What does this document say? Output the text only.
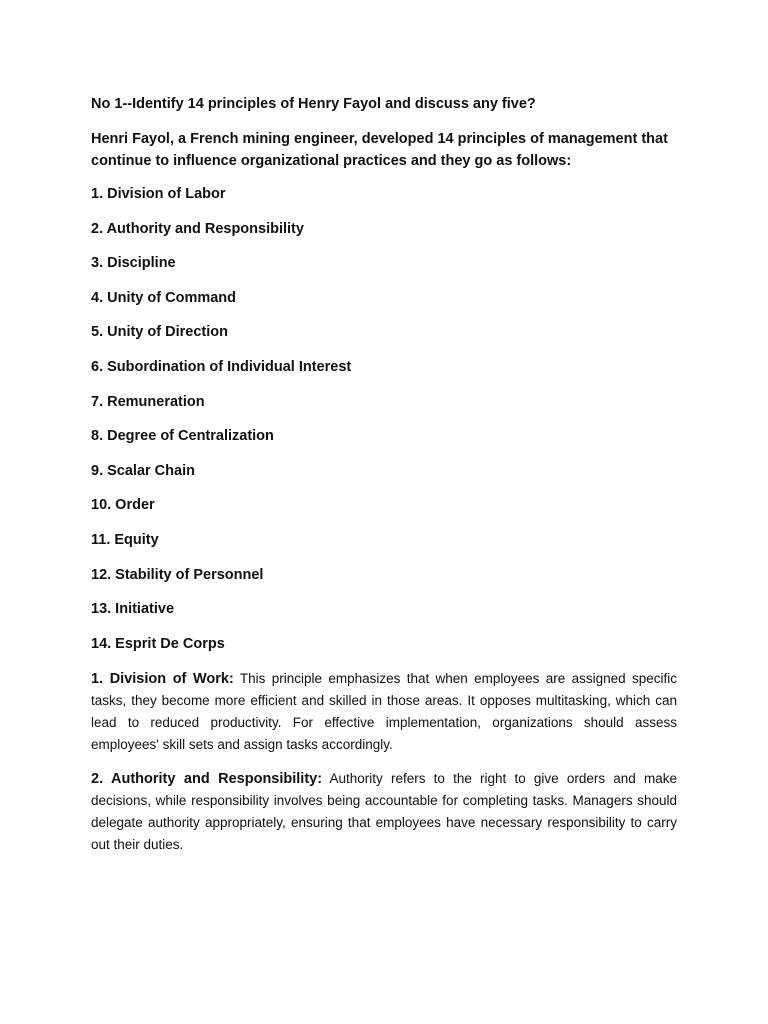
No 1--Identify 14 principles of Henry Fayol and discuss any five?

Henri Fayol, a French mining engineer, developed 14 principles of management that continue to influence organizational practices and they go as follows:

1. Division of Labor
2. Authority and Responsibility
3. Discipline
4. Unity of Command
5. Unity of Direction
6. Subordination of Individual Interest
7. Remuneration
8. Degree of Centralization
9. Scalar Chain
10. Order
11. Equity
12. Stability of Personnel
13. Initiative
14. Esprit De Corps

1. Division of Work: This principle emphasizes that when employees are assigned specific tasks, they become more efficient and skilled in those areas. It opposes multitasking, which can lead to reduced productivity. For effective implementation, organizations should assess employees' skill sets and assign tasks accordingly.

2. Authority and Responsibility: Authority refers to the right to give orders and make decisions, while responsibility involves being accountable for completing tasks. Managers should delegate authority appropriately, ensuring that employees have necessary responsibility to carry out their duties.
